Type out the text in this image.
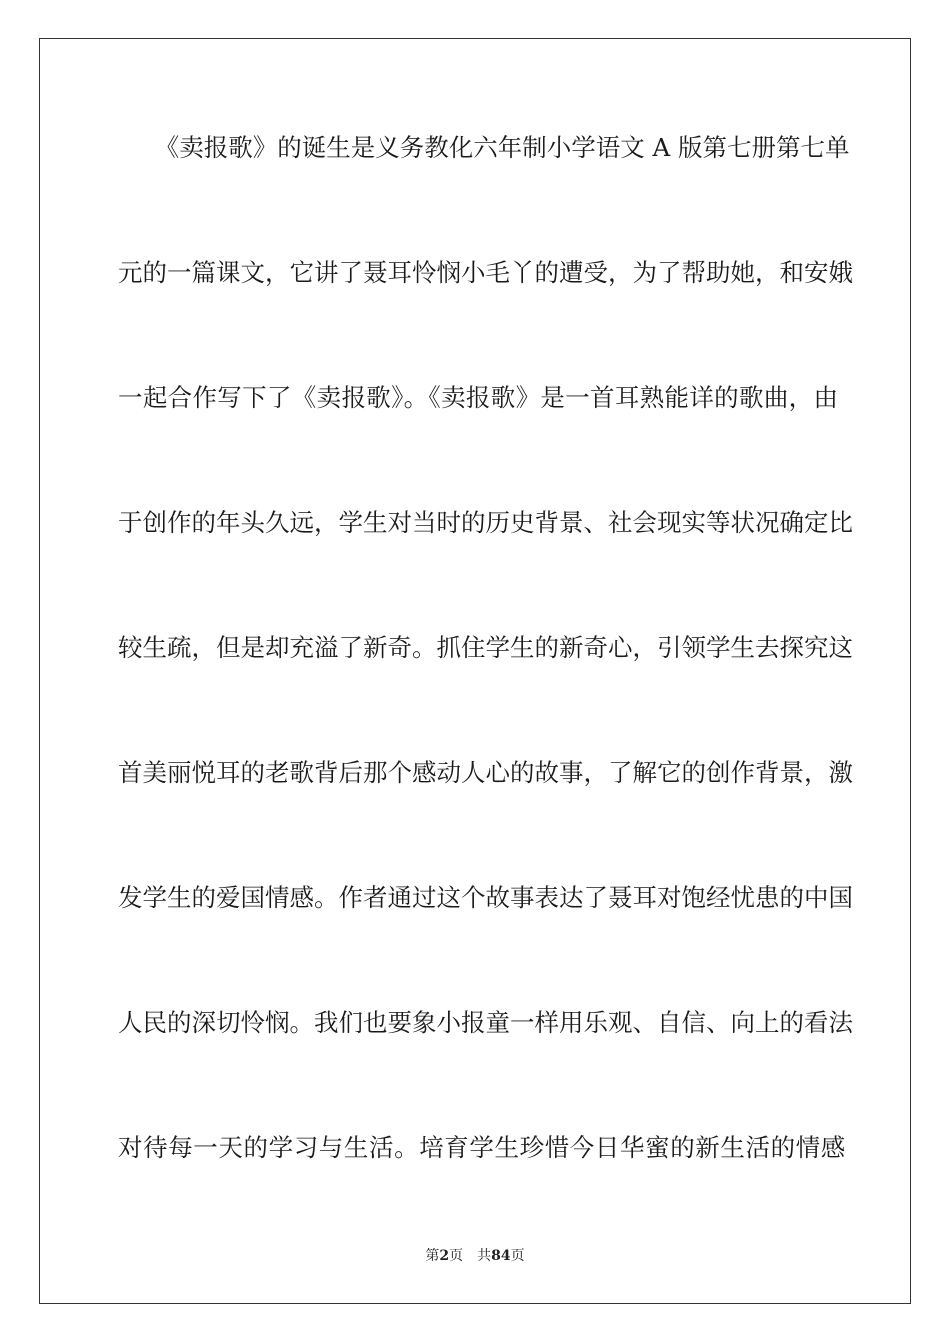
　　《卖报歌》的诞生是义务教化六年制小学语文 A 版第七册第七单
元的一篇课文，它讲了聂耳怜悯小毛丫的遭受，为了帮助她，和安娥
一起合作写下了《卖报歌》。《卖报歌》是一首耳熟能详的歌曲，由
于创作的年头久远，学生对当时的历史背景、社会现实等状况确定比
较生疏，但是却充溢了新奇。抓住学生的新奇心，引领学生去探究这
首美丽悦耳的老歌背后那个感动人心的故事，了解它的创作背景，激
发学生的爱国情感。作者通过这个故事表达了聂耳对饱经忧患的中国
人民的深切怜悯。我们也要象小报童一样用乐观、自信、向上的看法
对待每一天的学习与生活。培育学生珍惜今日华蜜的新生活的情感
第2页 共84页
